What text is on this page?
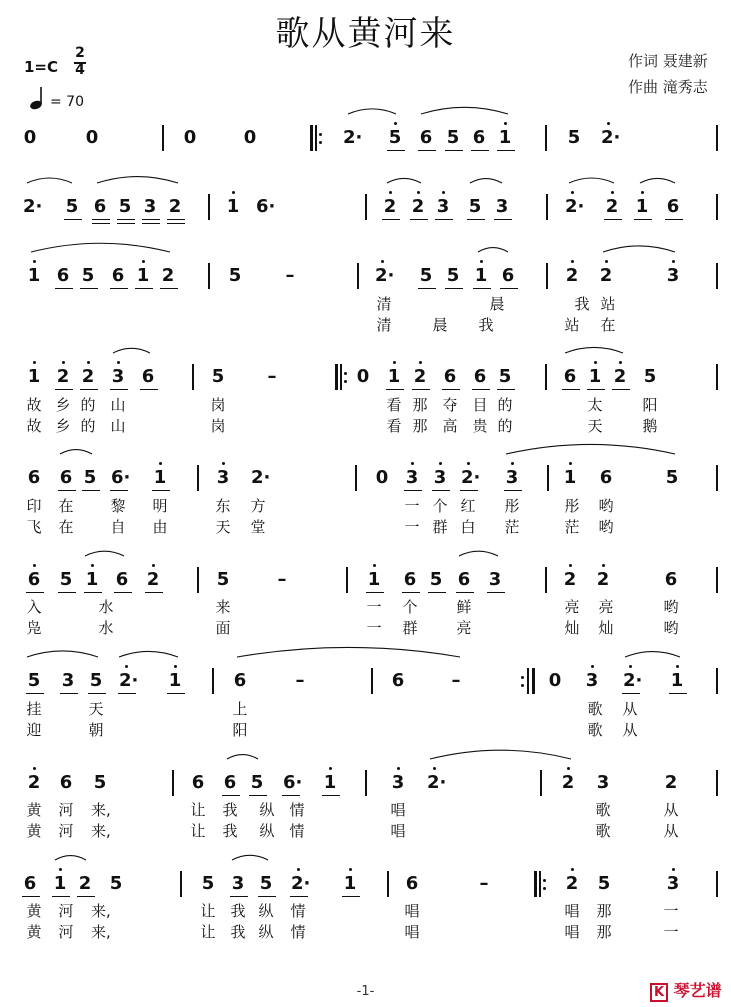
歌从黄河来
作词 聂建新
作曲 滝秀志
1=C
2
4
= 70
0	0	0	0	2· 5 6 5 6 1	5 2·
2· 5 6 5 3 2	1 6·	2 2 3 5 3	2· 2 1 6
1 6 5 6 1 2	5 –	2· 5 5 1 6	2 2	3
清	晨	我 站
清	晨 我	站 在
1 2 2 3 6	5 –	0 1 2 6 6 5	6 1 2 5
故 乡 的 山	岗	看 那 夺 目 的	太	阳
故 乡 的 山	岗	看 那 高 贵 的	天	鹅
6 6 5 6· 1	3 2·	0 3 3 2· 3	1 6	5
印 在 黎 明	东 方	一 个 红 彤	彤 哟
飞 在 自 由	天 堂	一 群 白 茫	茫 哟
6 5 1 6 2	5	–	1 6 5 6 3	2 2	6
入	水	来	一 个	鲜	亮 亮	哟
凫	水	面	一 群	亮	灿 灿	哟
5 3 5 2· 1	6	–	6	–	0 3 2· 1
挂	天	上	歌 从
迎	朝	阳	歌 从
2 6 5	6 6 5 6· 1	3 2·	2 3	2
黄 河 来,	让 我 纵 情	唱	歌	从
黄 河 来,	让 我 纵 情	唱	歌	从
6 1 2 5	5 3 5 2· 1	6	–	2 5	3
黄 河 来,	让 我 纵 情	唱	唱 那	一
黄 河 来,	让 我 纵 情	唱	唱 那	一
-1-	K 琴艺谱
